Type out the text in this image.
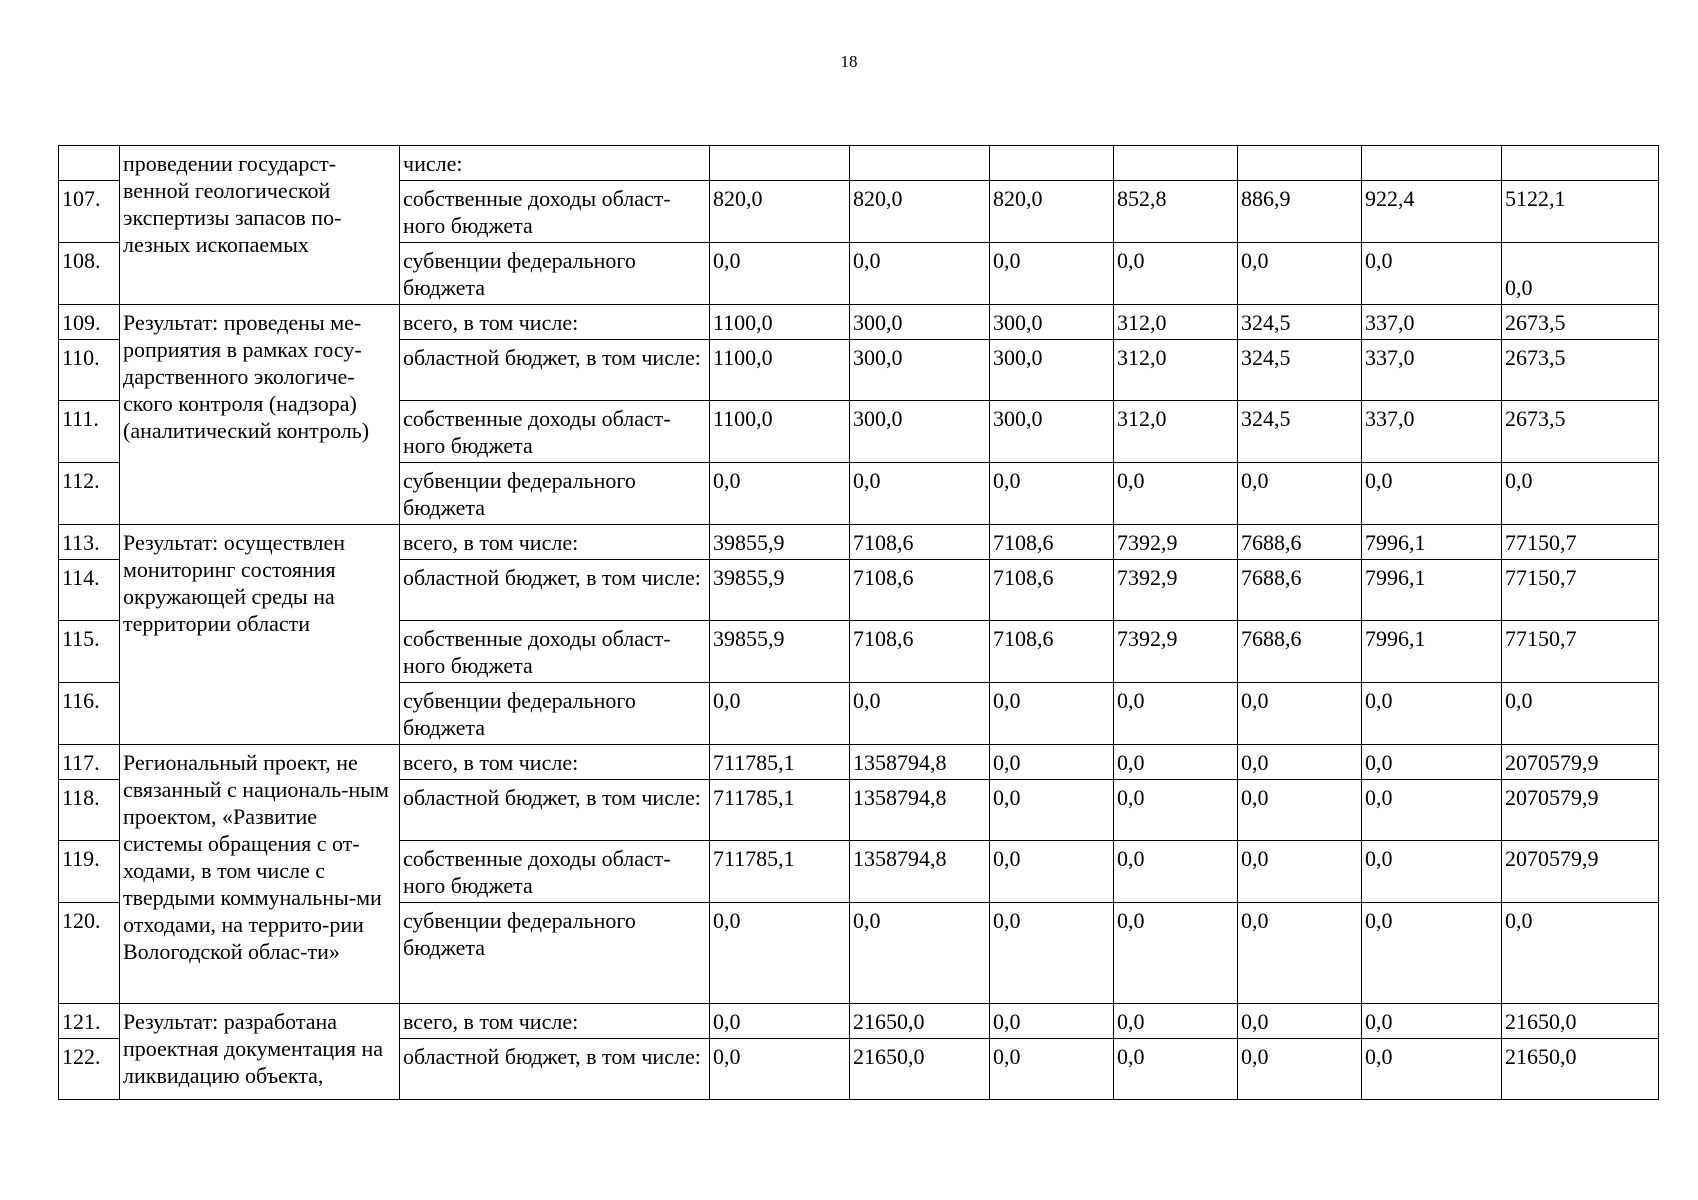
18
	проведении государст-венной геологической экспертизы запасов по-лезных ископаемых	числе:							
107.		собственные доходы област-ного бюджета	820,0	820,0	820,0	852,8	886,9	922,4	5122,1
108.		субвенции федерального бюджета	0,0	0,0	0,0	0,0	0,0	0,0	0,0
109.	Результат: проведены ме-роприятия в рамках госу-дарственного экологиче-ского контроля (надзора) (аналитический контроль)	всего, в том числе:	1100,0	300,0	300,0	312,0	324,5	337,0	2673,5
110.		областной бюджет, в том числе:	1100,0	300,0	300,0	312,0	324,5	337,0	2673,5
111.		собственные доходы област-ного бюджета	1100,0	300,0	300,0	312,0	324,5	337,0	2673,5
112.		субвенции федерального бюджета	0,0	0,0	0,0	0,0	0,0	0,0	0,0
113.	Результат: осуществлен мониторинг состояния окружающей среды на территории области	всего, в том числе:	39855,9	7108,6	7108,6	7392,9	7688,6	7996,1	77150,7
114.		областной бюджет, в том числе:	39855,9	7108,6	7108,6	7392,9	7688,6	7996,1	77150,7
115.		собственные доходы област-ного бюджета	39855,9	7108,6	7108,6	7392,9	7688,6	7996,1	77150,7
116.		субвенции федерального бюджета	0,0	0,0	0,0	0,0	0,0	0,0	0,0
117.	Региональный проект, не связанный с националь-ным проектом, «Развитие системы обращения с от-ходами, в том числе с твердыми коммунальны-ми отходами, на террито-рии Вологодской облас-ти»	всего, в том числе:	711785,1	1358794,8	0,0	0,0	0,0	0,0	2070579,9
118.		областной бюджет, в том числе:	711785,1	1358794,8	0,0	0,0	0,0	0,0	2070579,9
119.		собственные доходы област-ного бюджета	711785,1	1358794,8	0,0	0,0	0,0	0,0	2070579,9
120.		субвенции федерального бюджета	0,0	0,0	0,0	0,0	0,0	0,0	0,0
121.	Результат: разработана проектная документация на ликвидацию объекта,	всего, в том числе:	0,0	21650,0	0,0	0,0	0,0	0,0	21650,0
122.		областной бюджет, в том числе:	0,0	21650,0	0,0	0,0	0,0	0,0	21650,0
